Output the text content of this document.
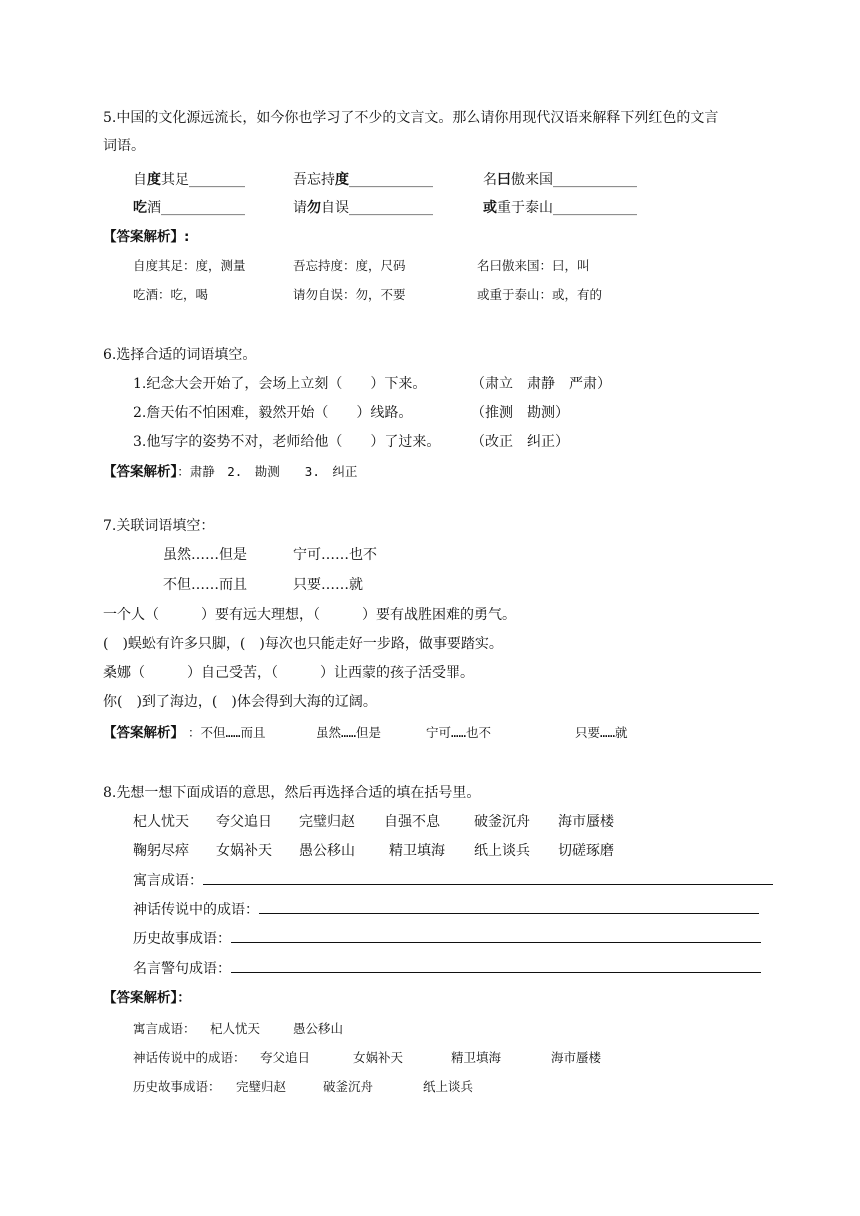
5.中国的文化源远流长，如今你也学习了不少的文言文。那么请你用现代汉语来解释下列红色的文言
词语。
自度其足________	吾忘持度____________	名曰傲来国____________
吃酒____________	请勿自误____________	或重于泰山____________
【答案解析】:
自度其足：度，测量	吾忘持度：度，尺码	名曰傲来国：曰，叫
吃酒：吃，喝	请勿自误：勿，不要	或重于泰山：或，有的
6.选择合适的词语填空。
1.纪念大会开始了，会场上立刻（　　）下来。	（肃立　肃静　严肃）
2.詹天佑不怕困难，毅然开始（　　）线路。	（推测　勘测）
3.他写字的姿势不对，老师给他（　　）了过来。 （改正　纠正）
【答案解析】：肃静　2.　勘测　　3.　纠正
7.关联词语填空：
虽然……但是	宁可……也不
不但……而且	只要……就
一个人（　　　）要有远大理想，（　　　）要有战胜困难的勇气。
(　)蜈蚣有许多只脚，(　)每次也只能走好一步路，做事要踏实。
桑娜（　　　）自己受苦，（　　　）让西蒙的孩子活受罪。
你(　)到了海边，(　)体会得到大海的辽阔。
【答案解析】 ：不但……而且	虽然……但是	宁可……也不	只要……就
8.先想一想下面成语的意思，然后再选择合适的填在括号里。
杞人忧天 夸父追日 完璧归赵 自强不息 破釜沉舟 海市蜃楼
鞠躬尽瘁 女娲补天 愚公移山 精卫填海 纸上谈兵 切磋琢磨
寓言成语：
神话传说中的成语：
历史故事成语：
名言警句成语：
【答案解析】：
寓言成语： 杞人忧天	愚公移山
神话传说中的成语： 夸父追日	女娲补天	精卫填海	海市蜃楼
历史故事成语： 完璧归赵	破釜沉舟	纸上谈兵
